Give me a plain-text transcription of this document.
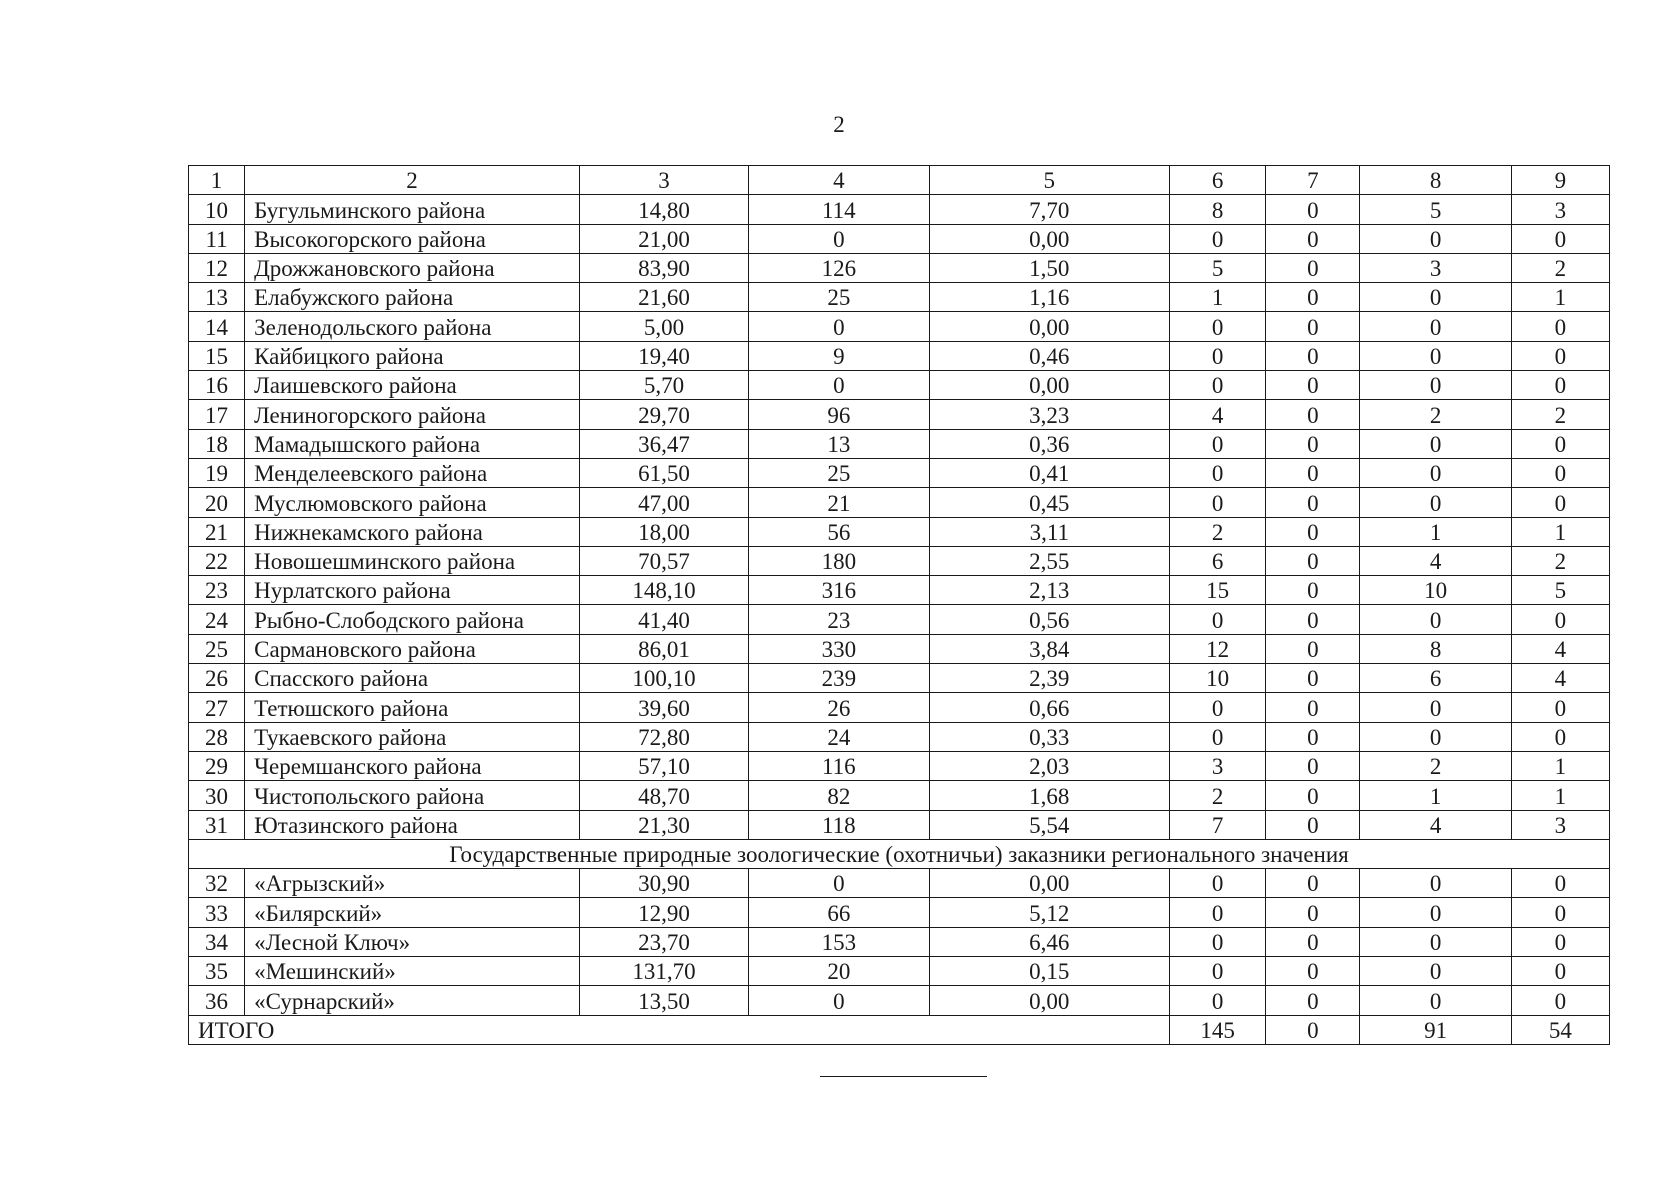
2
1	2	3	4	5	6	7	8	9
10	Бугульминского района	14,80	114	7,70	8	0	5	3
11	Высокогорского района	21,00	0	0,00	0	0	0	0
12	Дрожжановского района	83,90	126	1,50	5	0	3	2
13	Елабужского района	21,60	25	1,16	1	0	0	1
14	Зеленодольского района	5,00	0	0,00	0	0	0	0
15	Кайбицкого района	19,40	9	0,46	0	0	0	0
16	Лаишевского района	5,70	0	0,00	0	0	0	0
17	Лениногорского района	29,70	96	3,23	4	0	2	2
18	Мамадышского района	36,47	13	0,36	0	0	0	0
19	Менделеевского района	61,50	25	0,41	0	0	0	0
20	Муслюмовского района	47,00	21	0,45	0	0	0	0
21	Нижнекамского района	18,00	56	3,11	2	0	1	1
22	Новошешминского района	70,57	180	2,55	6	0	4	2
23	Нурлатского района	148,10	316	2,13	15	0	10	5
24	Рыбно-Слободского района	41,40	23	0,56	0	0	0	0
25	Сармановского района	86,01	330	3,84	12	0	8	4
26	Спасского района	100,10	239	2,39	10	0	6	4
27	Тетюшского района	39,60	26	0,66	0	0	0	0
28	Тукаевского района	72,80	24	0,33	0	0	0	0
29	Черемшанского района	57,10	116	2,03	3	0	2	1
30	Чистопольского района	48,70	82	1,68	2	0	1	1
31	Ютазинского района	21,30	118	5,54	7	0	4	3
Государственные природные зоологические (охотничьи) заказники регионального значения								
32	«Агрызский»	30,90	0	0,00	0	0	0	0
33	«Билярский»	12,90	66	5,12	0	0	0	0
34	«Лесной Ключ»	23,70	153	6,46	0	0	0	0
35	«Мешинский»	131,70	20	0,15	0	0	0	0
36	«Сурнарский»	13,50	0	0,00	0	0	0	0
ИТОГО					145	0	91	54
